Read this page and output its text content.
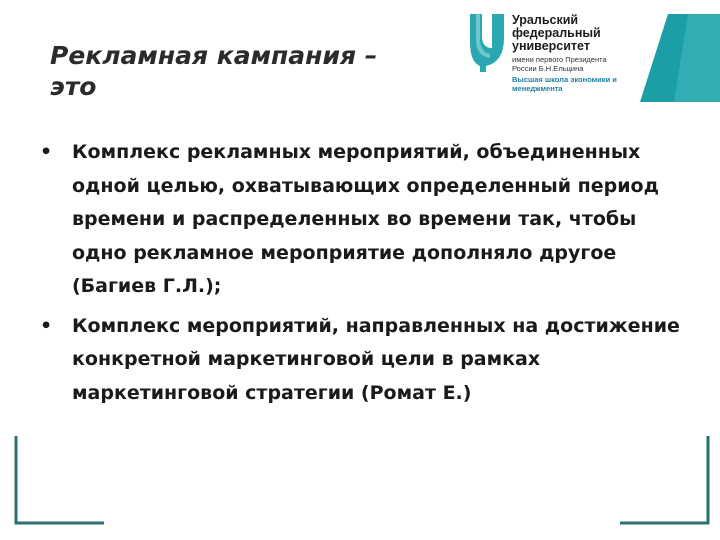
Рекламная кампания – это
Уральский федеральный университет
имени первого Президента России Б.Н.Ельцина
Высшая школа экономики и менеджмента
•	Комплекс рекламных мероприятий, объединенных одной целью, охватывающих определенный период времени и распределенных во времени так, чтобы одно рекламное мероприятие дополняло другое (Багиев Г.Л.);
•	Комплекс мероприятий, направленных на достижение конкретной маркетинговой цели в рамках маркетинговой стратегии (Ромат Е.)
